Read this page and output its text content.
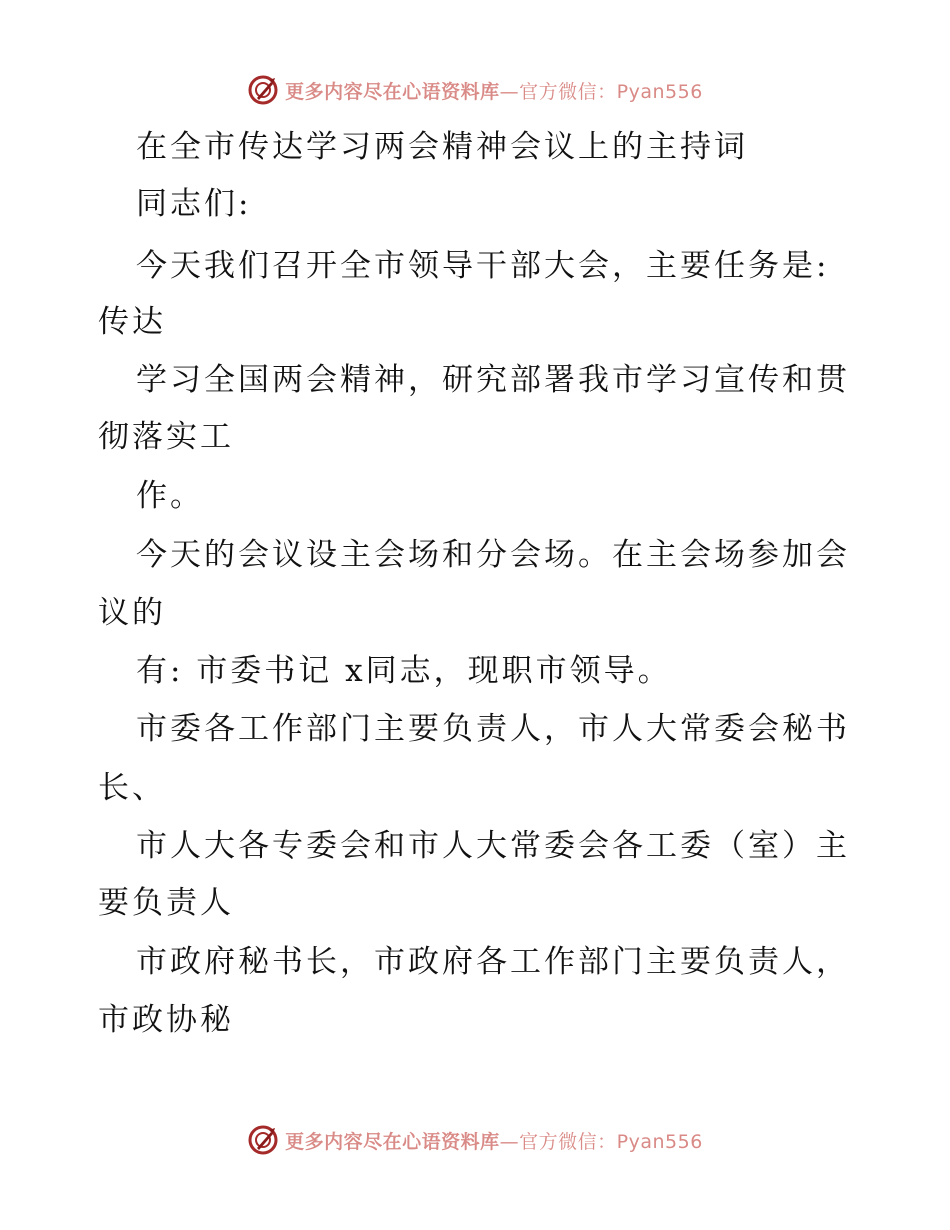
更多内容尽在心语资料库—官方微信：Pyan556
在全市传达学习两会精神会议上的主持词
同志们:
今天我们召开全市领导干部大会，主要任务是:
传达
学习全国两会精神，研究部署我市学习宣传和贯
彻落实工
作。
今天的会议设主会场和分会场。在主会场参加会
议的
有: 市委书记 x同志，现职市领导。
市委各工作部门主要负责人，市人大常委会秘书
长、
市人大各专委会和市人大常委会各工委（室）主
要负责人
市政府秘书长，市政府各工作部门主要负责人，
市政协秘
更多内容尽在心语资料库—官方微信：Pyan556
